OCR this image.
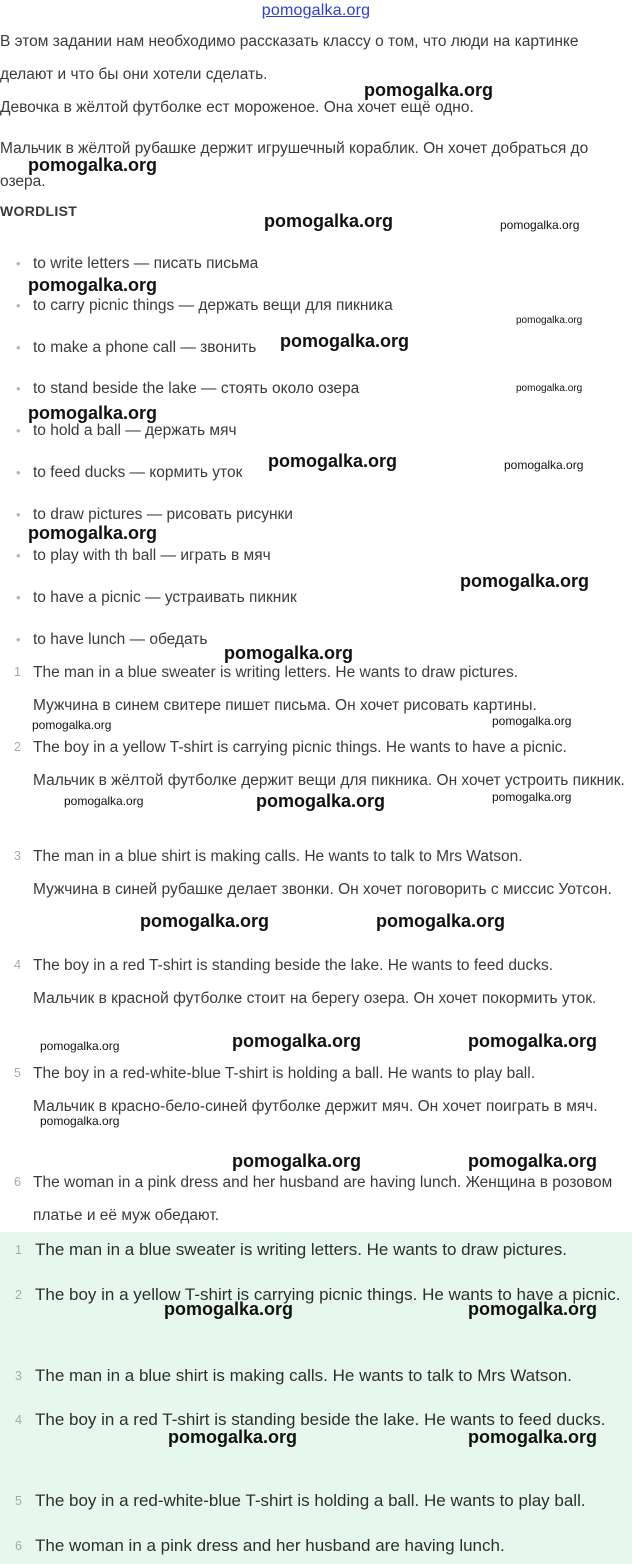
pomogalka.org
В этом задании нам необходимо рассказать классу о том, что люди на картинке делают и что бы они хотели сделать.
Девочка в жёлтой футболке ест мороженое. Она хочет ещё одно.
Мальчик в жёлтой рубашке держит игрушечный кораблик. Он хочет добраться до озера.
WORDLIST
• to write letters — писать письма
• to carry picnic things — держать вещи для пикника
• to make a phone call — звонить
• to stand beside the lake — стоять около озера
• to hold a ball — держать мяч
• to feed ducks — кормить уток
• to draw pictures — рисовать рисунки
• to play with th ball — играть в мяч
• to have a picnic — устраивать пикник
• to have lunch — обедать
1 The man in a blue sweater is writing letters. He wants to draw pictures.

Мужчина в синем свитере пишет письма. Он хочет рисовать картины.

2 The boy in a yellow T-shirt is carrying picnic things. He wants to have a picnic.

Мальчик в жёлтой футболке держит вещи для пикника. Он хочет устроить пикник.

3 The man in a blue shirt is making calls. He wants to talk to Mrs Watson.

Мужчина в синей рубашке делает звонки. Он хочет поговорить с миссис Уотсон.

4 The boy in a red T-shirt is standing beside the lake. He wants to feed ducks.

Мальчик в красной футболке стоит на берегу озера. Он хочет покормить уток.

5 The boy in a red-white-blue T-shirt is holding a ball. He wants to play ball.

Мальчик в красно-бело-синей футболке держит мяч. Он хочет поиграть в мяч.

6 The woman in a pink dress and her husband are having lunch. Женщина в розовом платье и её муж обедают.

1 The man in a blue sweater is writing letters. He wants to draw pictures.
2 The boy in a yellow T-shirt is carrying picnic things. He wants to have a picnic.
3 The man in a blue shirt is making calls. He wants to talk to Mrs Watson.
4 The boy in a red T-shirt is standing beside the lake. He wants to feed ducks.
5 The boy in a red-white-blue T-shirt is holding a ball. He wants to play ball.
6 The woman in a pink dress and her husband are having lunch.
pomogalka.org
pomogalka.org
pomogalka.org	pomogalka.org
pomogalka.org
pomogalka.org
pomogalka.org
pomogalka.org
pomogalka.org
pomogalka.org	pomogalka.org
pomogalka.org
pomogalka.org
pomogalka.org
pomogalka.org	pomogalka.org
pomogalka.org	pomogalka.org	pomogalka.org
pomogalka.org	pomogalka.org
pomogalka.org	pomogalka.org	pomogalka.org
pomogalka.org
pomogalka.org	pomogalka.org
pomogalka.org	pomogalka.org
pomogalka.org	pomogalka.org
